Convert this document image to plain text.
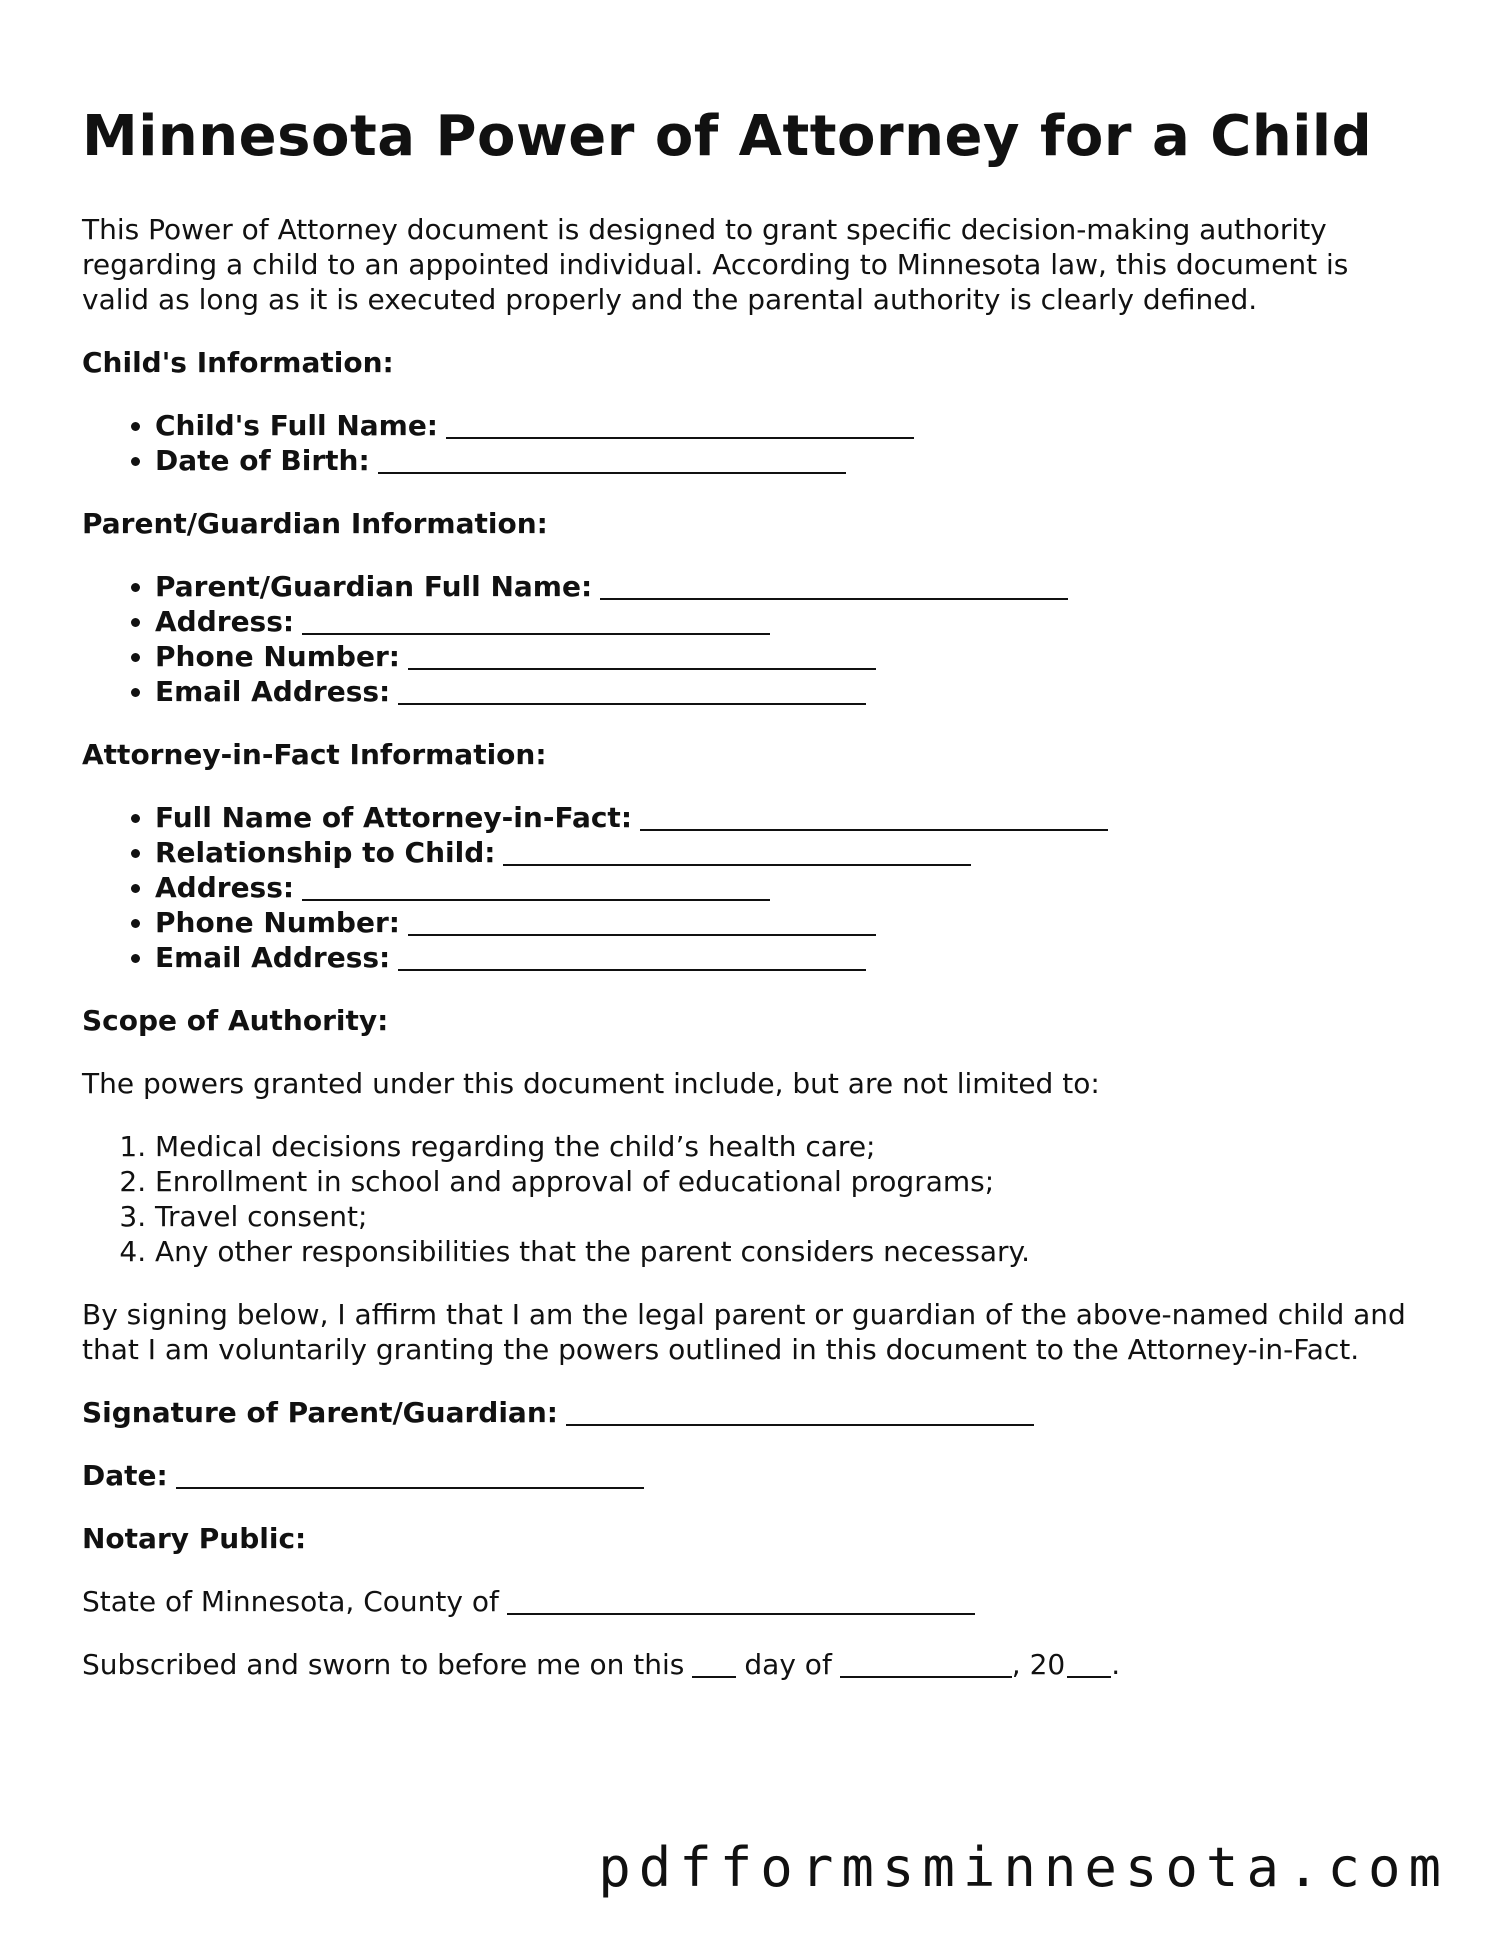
Minnesota Power of Attorney for a Child

This Power of Attorney document is designed to grant specific decision-making authority regarding a child to an appointed individual. According to Minnesota law, this document is valid as long as it is executed properly and the parental authority is clearly defined.

Child's Information:
• Child's Full Name:
• Date of Birth:
Parent/Guardian Information:
• Parent/Guardian Full Name:
• Address:
• Phone Number:
• Email Address:
Attorney-in-Fact Information:
• Full Name of Attorney-in-Fact:
• Relationship to Child:
• Address:
• Phone Number:
• Email Address:
Scope of Authority:

The powers granted under this document include, but are not limited to:

1. Medical decisions regarding the child’s health care;
2. Enrollment in school and approval of educational programs;
3. Travel consent;
4. Any other responsibilities that the parent considers necessary.

By signing below, I affirm that I am the legal parent or guardian of the above-named child and that I am voluntarily granting the powers outlined in this document to the Attorney-in-Fact.

Signature of Parent/Guardian:
Date:
Notary Public:

State of Minnesota, County of

Subscribed and sworn to before me on this day of	, 20 .

pdfformsminnesota.com
